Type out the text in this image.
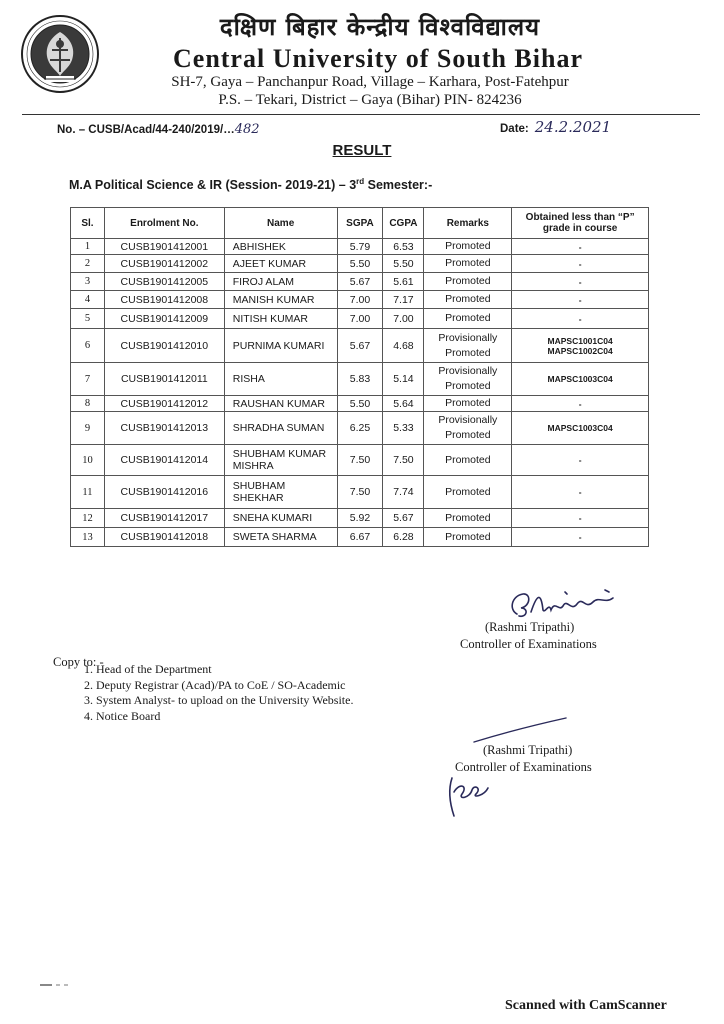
दक्षिण बिहार केन्द्रीय विश्वविद्यालय
Central University of South Bihar
SH-7, Gaya – Panchanpur Road, Village – Karhara, Post-Fatehpur
P.S. – Tekari, District – Gaya (Bihar) PIN- 824236
No. – CUSB/Acad/44-240/2019/…482	Date: 24.2.2021
RESULT
M.A Political Science & IR (Session- 2019-21) – 3rd Semester:-
Sl.	Enrolment No.	Name	SGPA	CGPA	Remarks	Obtained less than “P” grade in course
1	CUSB1901412001	ABHISHEK	5.79	6.53	Promoted	-
2	CUSB1901412002	AJEET KUMAR	5.50	5.50	Promoted	-
3	CUSB1901412005	FIROJ ALAM	5.67	5.61	Promoted	-
4	CUSB1901412008	MANISH KUMAR	7.00	7.17	Promoted	-
5	CUSB1901412009	NITISH KUMAR	7.00	7.00	Promoted	-
6	CUSB1901412010	PURNIMA KUMARI	5.67	4.68	Provisionally Promoted	MAPSC1001C04 MAPSC1002C04
7	CUSB1901412011	RISHA	5.83	5.14	Provisionally Promoted	MAPSC1003C04
8	CUSB1901412012	RAUSHAN KUMAR	5.50	5.64	Promoted	-
9	CUSB1901412013	SHRADHA SUMAN	6.25	5.33	Provisionally Promoted	MAPSC1003C04
10	CUSB1901412014	SHUBHAM KUMAR MISHRA	7.50	7.50	Promoted	-
11	CUSB1901412016	SHUBHAM SHEKHAR	7.50	7.74	Promoted	-
12	CUSB1901412017	SNEHA KUMARI	5.92	5.67	Promoted	-
13	CUSB1901412018	SWETA SHARMA	6.67	6.28	Promoted	-
(Rashmi Tripathi)
Controller of Examinations
Copy to: -
1. Head of the Department
2. Deputy Registrar (Acad)/PA to CoE / SO-Academic
3. System Analyst- to upload on the University Website.
4. Notice Board
(Rashmi Tripathi)
Controller of Examinations
Scanned with CamScanner
